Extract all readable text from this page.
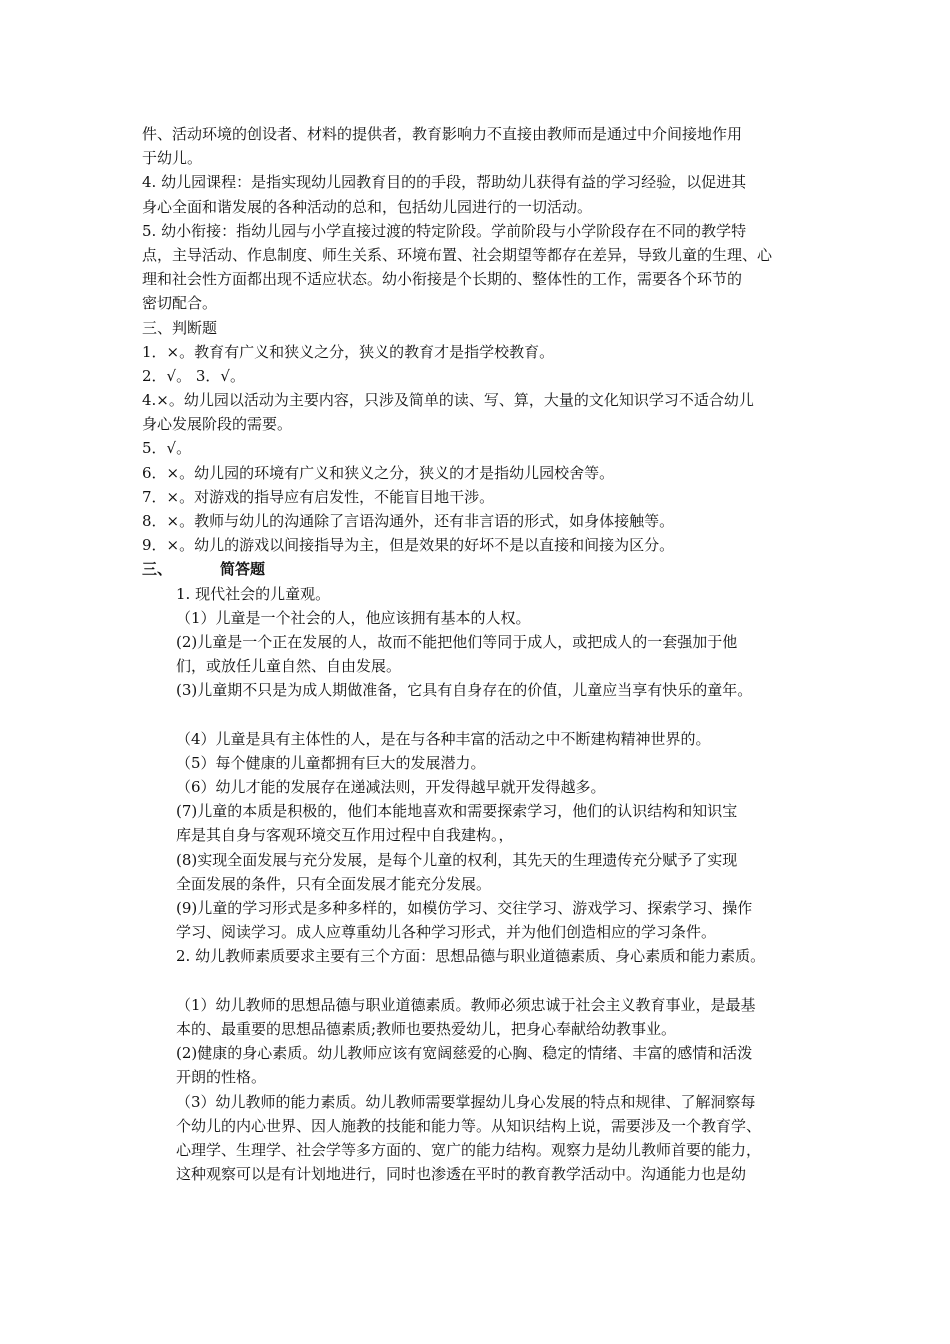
件、活动环境的创设者、材料的提供者，教育影响力不直接由教师而是通过中介间接地作用
于幼儿。
4. 幼儿园课程：是指实现幼儿园教育目的的手段，帮助幼儿获得有益的学习经验，以促进其
身心全面和谐发展的各种活动的总和，包括幼儿园进行的一切活动。
5. 幼小衔接：指幼儿园与小学直接过渡的特定阶段。学前阶段与小学阶段存在不同的教学特
点，主导活动、作息制度、师生关系、环境布置、社会期望等都存在差异，导致儿童的生理、心
理和社会性方面都出现不适应状态。幼小衔接是个长期的、整体性的工作，需要各个环节的
密切配合。
三、判断题
1．×。教育有广义和狭义之分，狭义的教育才是指学校教育。
2．√。 3．√。
4.×。幼儿园以活动为主要内容，只涉及简单的读、写、算，大量的文化知识学习不适合幼儿
身心发展阶段的需要。
5．√。
6．×。幼儿园的环境有广义和狭义之分，狭义的才是指幼儿园校舍等。
7．×。对游戏的指导应有启发性，不能盲目地干涉。
8．×。教师与幼儿的沟通除了言语沟通外，还有非言语的形式，如身体接触等。
9．×。幼儿的游戏以间接指导为主，但是效果的好坏不是以直接和间接为区分。
三、	简答题
1. 现代社会的儿童观。
（1）儿童是一个社会的人，他应该拥有基本的人权。
(2)儿童是一个正在发展的人，故而不能把他们等同于成人，或把成人的一套强加于他
们，或放任儿童自然、自由发展。
(3)儿童期不只是为成人期做准备，它具有自身存在的价值，儿童应当享有快乐的童年。
（4）儿童是具有主体性的人，是在与各种丰富的活动之中不断建构精神世界的。
（5）每个健康的儿童都拥有巨大的发展潜力。
（6）幼儿才能的发展存在递减法则，开发得越早就开发得越多。
(7)儿童的本质是积极的，他们本能地喜欢和需要探索学习，他们的认识结构和知识宝
库是其自身与客观环境交互作用过程中自我建构。，
(8)实现全面发展与充分发展，是每个儿童的权利，其先天的生理遗传充分赋予了实现
全面发展的条件，只有全面发展才能充分发展。
(9)儿童的学习形式是多种多样的，如模仿学习、交往学习、游戏学习、探索学习、操作
学习、阅读学习。成人应尊重幼儿各种学习形式，并为他们创造相应的学习条件。
2. 幼儿教师素质要求主要有三个方面：思想品德与职业道德素质、身心素质和能力素质。
（1）幼儿教师的思想品德与职业道德素质。教师必须忠诚于社会主义教育事业，是最基
本的、最重要的思想品德素质;教师也要热爱幼儿，把身心奉献给幼教事业。
(2)健康的身心素质。幼儿教师应该有宽阔慈爱的心胸、稳定的情绪、丰富的感情和活泼
开朗的性格。
（3）幼儿教师的能力素质。幼儿教师需要掌握幼儿身心发展的特点和规律、了解洞察每
个幼儿的内心世界、因人施教的技能和能力等。从知识结构上说，需要涉及一个教育学、
心理学、生理学、社会学等多方面的、宽广的能力结构。观察力是幼儿教师首要的能力，
这种观察可以是有计划地进行，同时也渗透在平时的教育教学活动中。沟通能力也是幼
